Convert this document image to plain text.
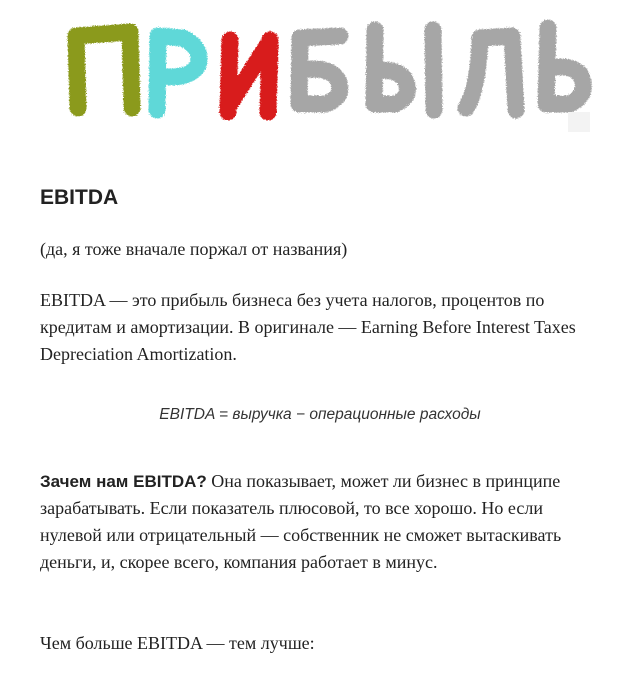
EBITDA

(да, я тоже вначале поржал от названия)

EBITDA — это прибыль бизнеса без учета налогов, процентов по кредитам и амортизации. В оригинале — Earning Before Interest Taxes Depreciation Amortization.

EBITDA = выручка − операционные расходы

Зачем нам EBITDA? Она показывает, может ли бизнес в принципе зарабатывать. Если показатель плюсовой, то все хорошо. Но если нулевой или отрицательный — собственник не сможет вытаскивать деньги, и, скорее всего, компания работает в минус.

Чем больше EBITDA — тем лучше:
